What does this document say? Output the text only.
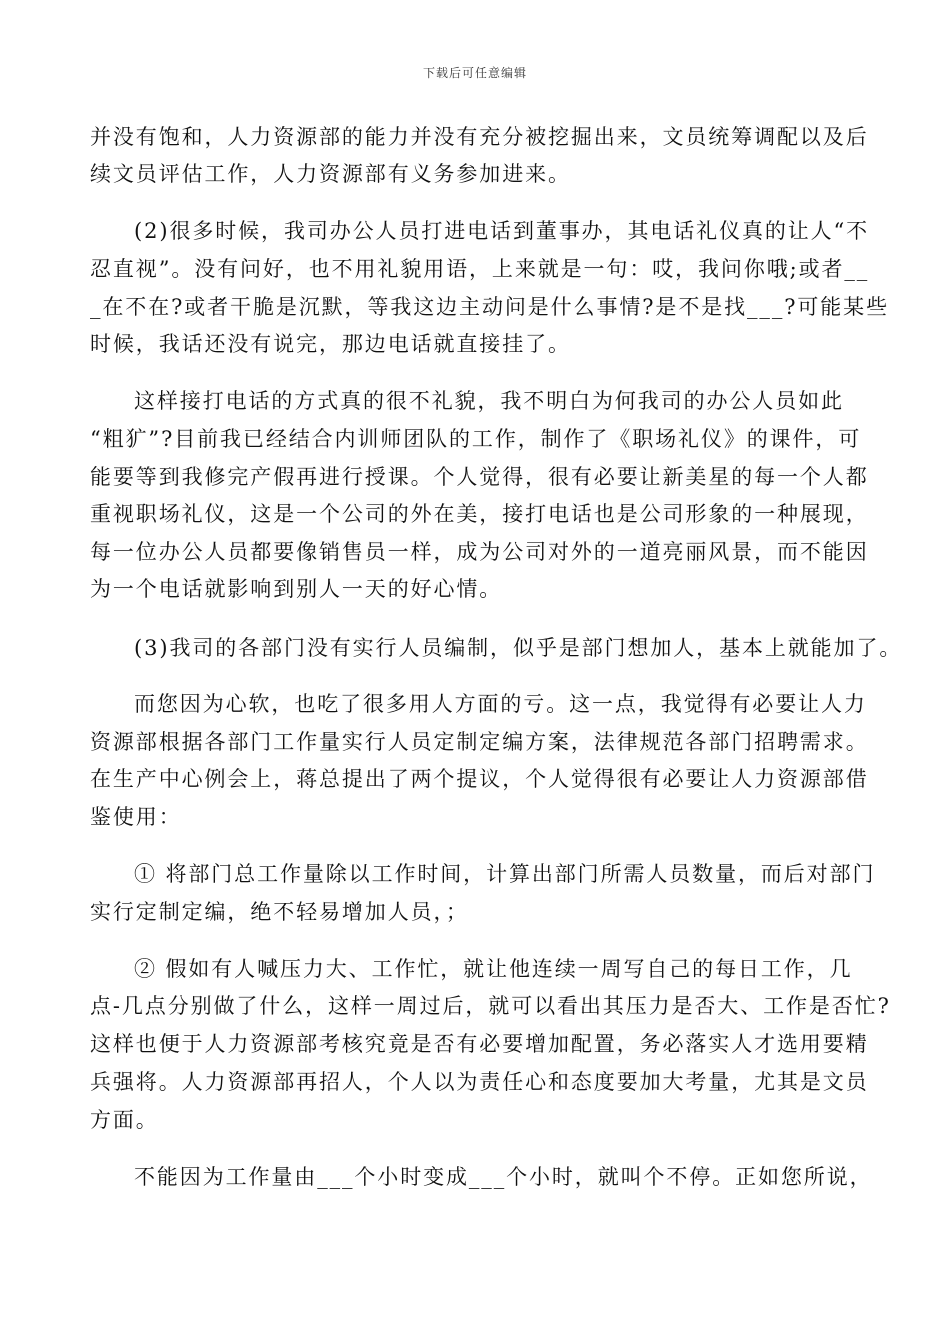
下载后可任意编辑
并没有饱和，人力资源部的能力并没有充分被挖掘出来，文员统筹调配以及后
续文员评估工作，人力资源部有义务参加进来。
(2)很多时候，我司办公人员打进电话到董事办，其电话礼仪真的让人“不
忍直视”。没有问好，也不用礼貌用语，上来就是一句：哎，我问你哦;或者__
_在不在?或者干脆是沉默，等我这边主动问是什么事情?是不是找___?可能某些
时候，我话还没有说完，那边电话就直接挂了。
这样接打电话的方式真的很不礼貌，我不明白为何我司的办公人员如此
“粗犷”?目前我已经结合内训师团队的工作，制作了《职场礼仪》的课件，可
能要等到我修完产假再进行授课。个人觉得，很有必要让新美星的每一个人都
重视职场礼仪，这是一个公司的外在美，接打电话也是公司形象的一种展现，
每一位办公人员都要像销售员一样，成为公司对外的一道亮丽风景，而不能因
为一个电话就影响到别人一天的好心情。
(3)我司的各部门没有实行人员编制，似乎是部门想加人，基本上就能加了。
而您因为心软，也吃了很多用人方面的亏。这一点，我觉得有必要让人力
资源部根据各部门工作量实行人员定制定编方案，法律规范各部门招聘需求。
在生产中心例会上，蒋总提出了两个提议，个人觉得很有必要让人力资源部借
鉴使用：
① 将部门总工作量除以工作时间，计算出部门所需人员数量，而后对部门
实行定制定编，绝不轻易增加人员，；
② 假如有人喊压力大、工作忙，就让他连续一周写自己的每日工作，几
点-几点分别做了什么，这样一周过后，就可以看出其压力是否大、工作是否忙?
这样也便于人力资源部考核究竟是否有必要增加配置，务必落实人才选用要精
兵强将。人力资源部再招人，个人以为责任心和态度要加大考量，尤其是文员
方面。
不能因为工作量由___个小时变成___个小时，就叫个不停。正如您所说，
